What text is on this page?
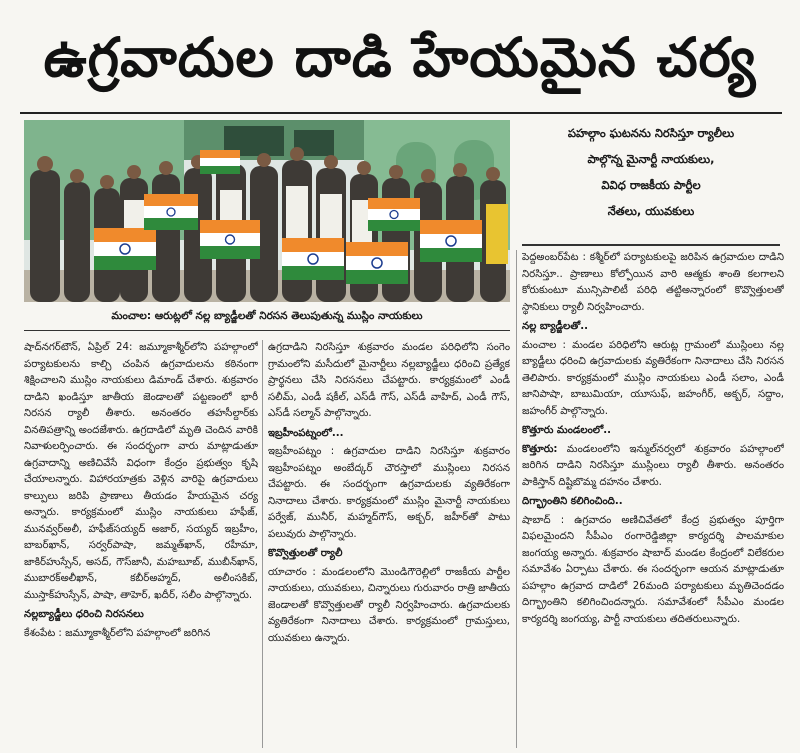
ఉగ్రవాదుల దాడి హేయమైన చర్య
మంచాల: ఆరుట్లలో నల్ల బ్యాడ్జీలతో నిరసన తెలుపుతున్న ముస్లిం నాయకులు
పహల్గాం ఘటనను నిరసిస్తూ ర్యాలీలు
పాల్గొన్న మైనార్టీ నాయకులు,
వివిధ రాజకీయ పార్టీల
నేతలు, యువకులు

షాద్‌నగర్‌టౌన్, ఏప్రిల్ 24: జమ్మూకాశ్మీర్‌లోని పహల్గాంలో పర్యాటకులను కాల్చి చంపిన ఉగ్రవాదులను కఠినంగా శిక్షించాలని ముస్లిం నాయకులు డిమాండ్ చేశారు. శుక్రవారం దాడిని ఖండిస్తూ జాతీయ జెండాలతో పట్టణంలో భారీ నిరసన ర్యాలీ తీశారు. అనంతరం తహసీల్దార్‌కు వినతిపత్రాన్ని అందజేశారు. ఉగ్రదాడిలో మృతి చెందిన వారికి నివాళులర్పించారు. ఈ సందర్భంగా వారు మాట్లాడుతూ ఉగ్రవాదాన్ని అణిచివేసే విధంగా కేంద్రం ప్రభుత్వం కృషి చేయాలన్నారు. విహారయాత్రకు వెళ్లిన వారిపై ఉగ్రవాదులు కాల్పులు జరిపి ప్రాణాలు తీయడం హేయమైన చర్య అన్నారు. కార్యక్రమంలో ముస్లిం నాయకులు హఫీజ్, మునవ్వర్‌అలీ, హఫీజ్‌సయ్యద్ అజార్, సయ్యద్ ఇబ్రహీం, బాబర్‌ఖాన్, సర్వర్‌పాషా, జమ్మత్‌ఖాన్, రహీమా, జాకిర్‌హుస్సేన్, అసద్, గౌస్‌జానీ, మహబూబ్, ముబీన్‌ఖాన్, ముబారక్‌అలీఖాన్, కబీర్‌అహ్మద్, అలీంసకిబ్, ముస్తాక్‌హుస్సేన్, పాషా, తాహెర్, ఖదీర్, సలీం పాల్గొన్నారు.

నల్లబ్యాడ్జీలు ధరించి నిరసనలు

కేశంపేట : జమ్మూకాశ్మీర్‌లోని పహల్గాంలో జరిగిన

ఉగ్రదాడిని నిరసిస్తూ శుక్రవారం మండల పరిధిలోని సంగెం గ్రామంలోని మసీదులో మైనార్టీలు నల్లబ్యాడ్జీలు ధరించి ప్రత్యేక ప్రార్థనలు చేసి నిరసనలు చేపట్టారు. కార్యక్రమంలో ఎండీ సలీమ్, ఎండీ షకీల్, ఎస్‌డీ గౌస్, ఎస్‌డీ వాహిద్, ఎండీ గౌస్, ఎస్‌డీ సల్మాన్ పాల్గొన్నారు.

ఇబ్రహీంపట్నంలో...

ఇబ్రహీంపట్నం : ఉగ్రవాదుల దాడిని నిరసిస్తూ శుక్రవారం ఇబ్రహీంపట్నం అంబేద్కర్ చౌరస్తాలో ముస్లింలు నిరసన చేపట్టారు. ఈ సందర్భంగా ఉగ్రవాదులకు వ్యతిరేకంగా నినాదాలు చేశారు. కార్యక్రమంలో ముస్లిం మైనార్టీ నాయకులు పర్వేజ్, మునీర్, మహ్మద్‌గౌస్, అక్బర్, జహీర్‌తో పాటు పలువురు పాల్గొన్నారు.

కొవ్వొత్తులతో ర్యాలీ

యాచారం : మండలంలోని మొండిగౌరెల్లిలో రాజకీయ పార్టీల నాయకులు, యువకులు, చిన్నారులు గురువారం రాత్రి జాతీయ జెండాలతో కొవ్వొత్తులతో ర్యాలీ నిర్వహించారు. ఉగ్రవాదులకు వ్యతిరేకంగా నినాదాలు చేశారు. కార్యక్రమంలో గ్రామస్తులు, యువకులు ఉన్నారు.

పెద్దఅంబర్‌పేట : కశ్మీర్‌లో పర్యాటకులపై జరిపిన ఉగ్రవాదుల దాడిని నిరసిస్తూ.. ప్రాణాలు కోల్పోయిన వారి ఆత్మకు శాంతి కలగాలని కోరుకుంటూ మున్సిపాలిటీ పరిధి తట్టిఅన్నారంలో కొవ్వొత్తులతో స్థానికులు ర్యాలీ నిర్వహించారు.

నల్ల బ్యాడ్జీలతో..

మంచాల : మండల పరిధిలోని ఆరుట్ల గ్రామంలో ముస్లింలు నల్ల బ్యాడ్జీలు ధరించి ఉగ్రవాదులకు వ్యతిరేకంగా నినాదాలు చేసి నిరసన తెలిపారు. కార్యక్రమంలో ముస్లిం నాయకులు ఎండీ సలాం, ఎండీ జానిపాషా, బాబుమియా, యూసుఫ్, జహంగీర్, అక్బర్, సద్దాం, జహంగీర్ పాల్గొన్నారు.

కొత్తూరు మండలంలో..

కొత్తూరు: మండలంలోని ఇన్ముల్‌నర్వలో శుక్రవారం పహల్గాంలో జరిగిన దాడిని నిరసిస్తూ ముస్లింలు ర్యాలీ తీశారు. అనంతరం పాకిస్తాన్ దిష్టిబొమ్మ దహనం చేశారు.

దిగ్భ్రాంతిని కలిగించింది..

షాబాద్ : ఉగ్రవాదం అణిచివేతలో కేంద్ర ప్రభుత్వం పూర్తిగా విఫలమైందని సీపీఎం రంగారెడ్డిజిల్లా కార్యదర్శి పాలమాకుల జంగయ్య అన్నారు. శుక్రవారం షాబాద్ మండల కేంద్రంలో విలేకరుల సమావేశం ఏర్పాటు చేశారు. ఈ సందర్భంగా ఆయన మాట్లాడుతూ పహల్గాం ఉగ్రవాద దాడిలో 26మంది పర్యాటకులు మృతిచెందడం దిగ్భ్రాంతిని కలిగించిందన్నారు. సమావేశంలో సీపీఎం మండల కార్యదర్శి జంగయ్య, పార్టీ నాయకులు తదితరులున్నారు.
